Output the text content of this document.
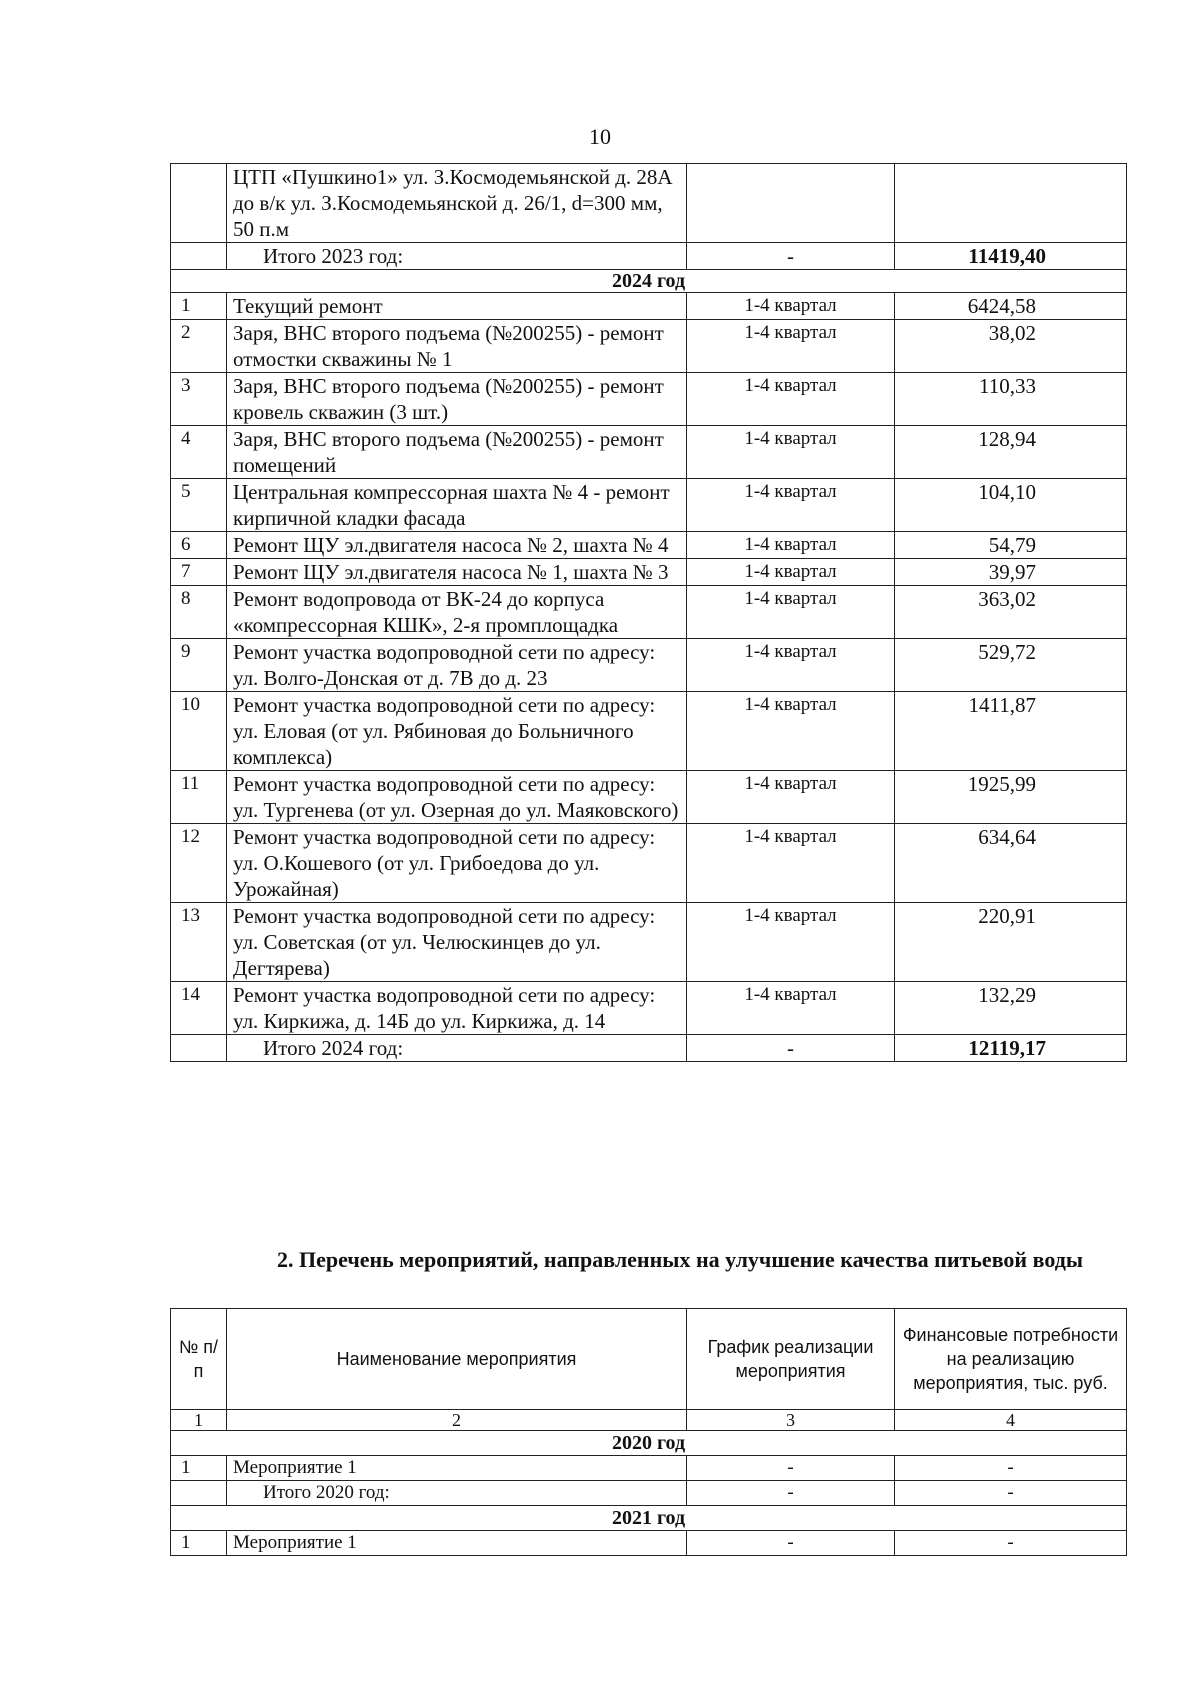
10
	ЦТП «Пушкино1» ул. З.Космодемьянской д. 28А до в/к ул. З.Космодемьянской д. 26/1, d=300 мм, 50 п.м		
	Итого 2023 год:	-	11419,40
2024 год			
1	Текущий ремонт	1-4 квартал	6424,58
2	Заря, ВНС второго подъема (№200255) - ремонт отмостки скважины № 1	1-4 квартал	38,02
3	Заря, ВНС второго подъема (№200255) - ремонт кровель скважин (3 шт.)	1-4 квартал	110,33
4	Заря, ВНС второго подъема (№200255) - ремонт помещений	1-4 квартал	128,94
5	Центральная компрессорная шахта № 4 - ремонт кирпичной кладки фасада	1-4 квартал	104,10
6	Ремонт ЩУ эл.двигателя насоса № 2, шахта № 4	1-4 квартал	54,79
7	Ремонт ЩУ эл.двигателя насоса № 1, шахта № 3	1-4 квартал	39,97
8	Ремонт водопровода от ВК-24 до корпуса «компрессорная КШК», 2-я промплощадка	1-4 квартал	363,02
9	Ремонт участка водопроводной сети по адресу: ул. Волго-Донская от д. 7В до д. 23	1-4 квартал	529,72
10	Ремонт участка водопроводной сети по адресу: ул. Еловая (от ул. Рябиновая до Больничного комплекса)	1-4 квартал	1411,87
11	Ремонт участка водопроводной сети по адресу: ул. Тургенева (от ул. Озерная до ул. Маяковского)	1-4 квартал	1925,99
12	Ремонт участка водопроводной сети по адресу: ул. О.Кошевого (от ул. Грибоедова до ул. Урожайная)	1-4 квартал	634,64
13	Ремонт участка водопроводной сети по адресу: ул. Советская (от ул. Челюскинцев до ул. Дегтярева)	1-4 квартал	220,91
14	Ремонт участка водопроводной сети по адресу: ул. Киркижа, д. 14Б до ул. Киркижа, д. 14	1-4 квартал	132,29
	Итого 2024 год:	-	12119,17
2. Перечень мероприятий, направленных на улучшение качества питьевой воды
№ п/п	Наименование мероприятия	График реализации мероприятия	Финансовые потребности на реализацию мероприятия, тыс. руб.
1	2	3	4
2020 год			
1	Мероприятие 1	-	-
	Итого 2020 год:	-	-
2021 год			
1	Мероприятие 1	-	-
